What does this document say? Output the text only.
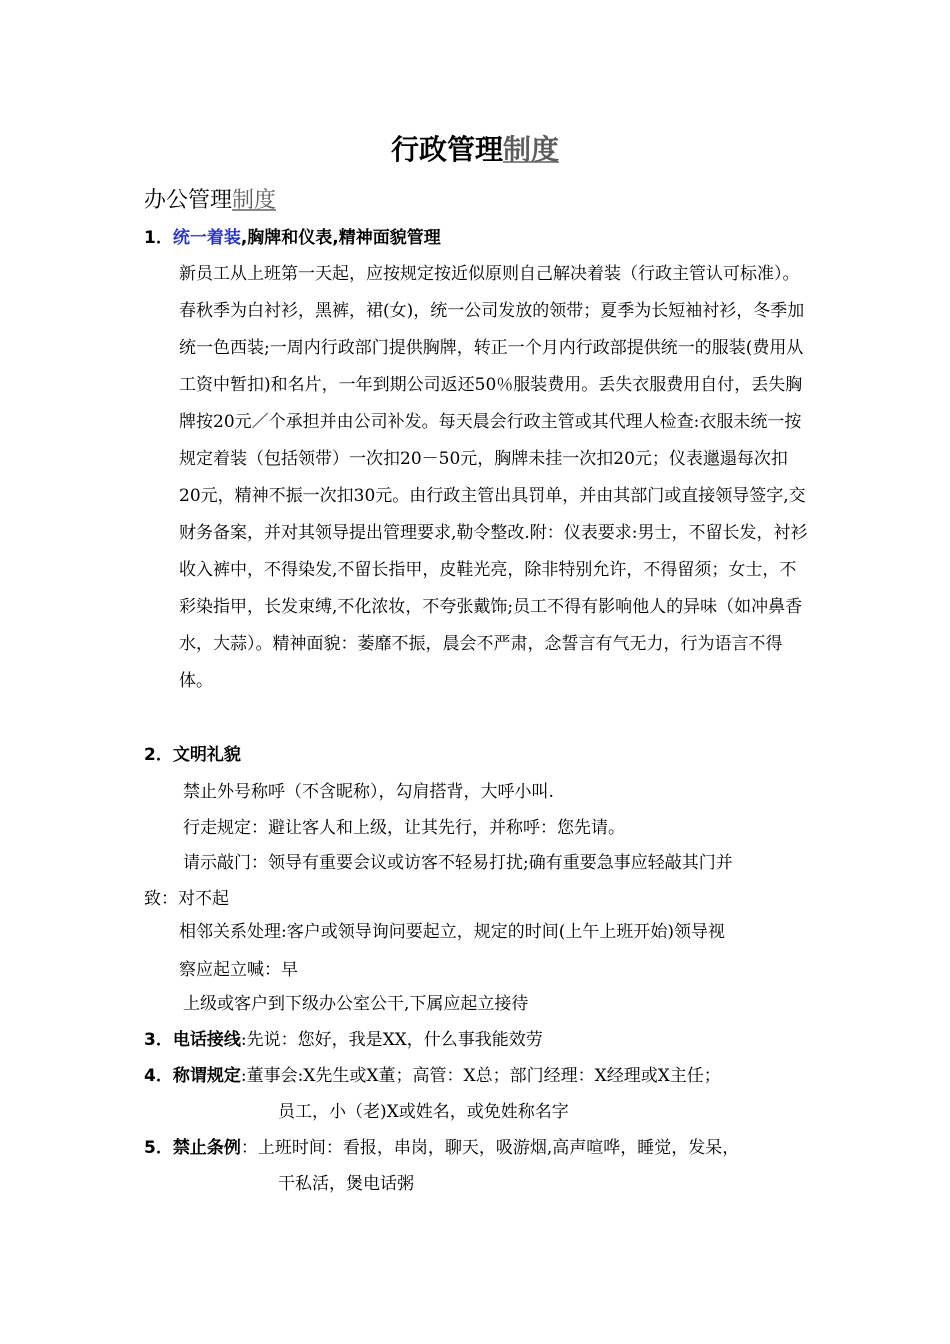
行政管理制度
办公管理制度
1．统一着装,胸牌和仪表,精神面貌管理
新员工从上班第一天起，应按规定按近似原则自己解决着装（行政主管认可标准）。春秋季为白衬衫，黑裤，裙(女)，统一公司发放的领带；夏季为长短袖衬衫，冬季加统一色西装;一周内行政部门提供胸牌，转正一个月内行政部提供统一的服装(费用从工资中暂扣)和名片，一年到期公司返还50％服装费用。丢失衣服费用自付，丢失胸牌按20元／个承担并由公司补发。每天晨会行政主管或其代理人检查:衣服未统一按规定着装（包括领带）一次扣20－50元，胸牌未挂一次扣20元；仪表邋遢每次扣20元，精神不振一次扣30元。由行政主管出具罚单，并由其部门或直接领导签字,交财务备案，并对其领导提出管理要求,勒令整改.附：仪表要求:男士，不留长发，衬衫收入裤中，不得染发,不留长指甲，皮鞋光亮，除非特别允许，不得留须；女士，不彩染指甲，长发束缚,不化浓妆，不夸张戴饰;员工不得有影响他人的异味（如冲鼻香水，大蒜）。精神面貌：萎靡不振，晨会不严肃，念誓言有气无力，行为语言不得体。
2．文明礼貌
禁止外号称呼（不含昵称），勾肩搭背，大呼小叫.
行走规定：避让客人和上级，让其先行，并称呼：您先请。
请示敲门：领导有重要会议或访客不轻易打扰;确有重要急事应轻敲其门并
致：对不起
相邻关系处理:客户或领导询问要起立，规定的时间(上午上班开始)领导视
察应起立喊：早
上级或客户到下级办公室公干,下属应起立接待
3．电话接线:先说：您好，我是XX，什么事我能效劳
4．称谓规定:董事会:X先生或X董；高管：X总；部门经理：X经理或X主任；
员工，小（老)X或姓名，或免姓称名字
5．禁止条例：上班时间：看报，串岗，聊天，吸游烟,高声喧哗，睡觉，发呆，
干私活，煲电话粥
